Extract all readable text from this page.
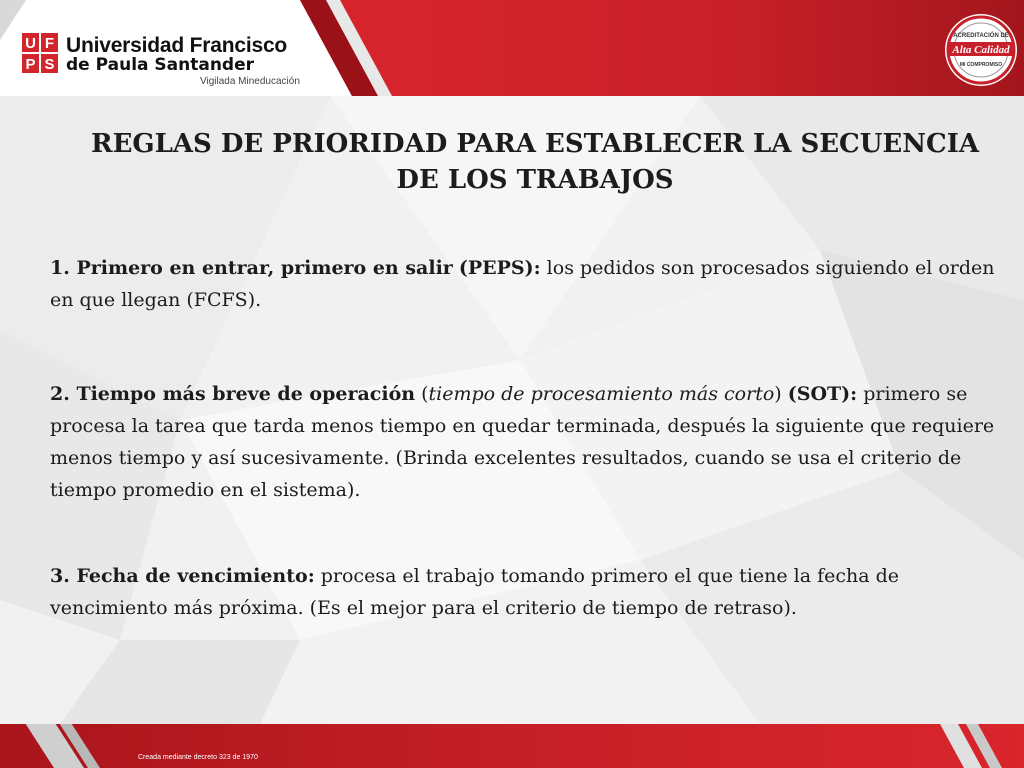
U F
P S
Universidad Francisco
de Paula Santander
Vigilada Mineducación
ACREDITACIÓN DE
Alta Calidad
MI COMPROMISO
REGLAS DE PRIORIDAD PARA ESTABLECER LA SECUENCIA
DE LOS TRABAJOS

1. Primero en entrar, primero en salir (PEPS): los pedidos son procesados siguiendo el orden en que llegan (FCFS).

2. Tiempo más breve de operación (tiempo de procesamiento más corto) (SOT): primero se procesa la tarea que tarda menos tiempo en quedar terminada, después la siguiente que requiere menos tiempo y así sucesivamente. (Brinda excelentes resultados, cuando se usa el criterio de tiempo promedio en el sistema).

3. Fecha de vencimiento: procesa el trabajo tomando primero el que tiene la fecha de vencimiento más próxima. (Es el mejor para el criterio de tiempo de retraso).

Creada mediante decreto 323 de 1970
